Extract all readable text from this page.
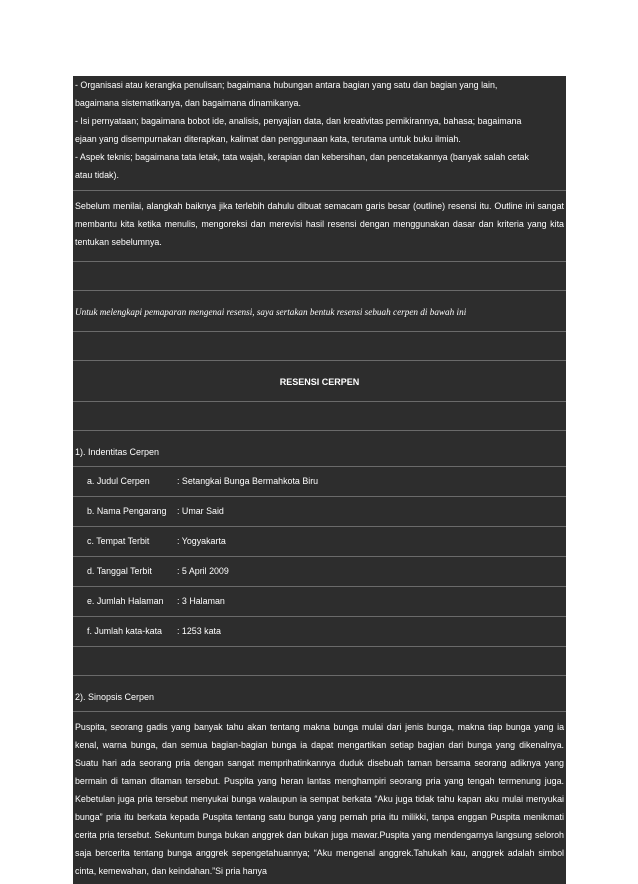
- Organisasi atau kerangka penulisan; bagaimana hubungan antara bagian yang satu dan bagian yang lain,
bagaimana sistematikanya, dan bagaimana dinamikanya.
- Isi pernyataan; bagaimana bobot ide, analisis, penyajian data, dan kreativitas pemikirannya, bahasa; bagaimana
ejaan yang disempurnakan diterapkan, kalimat dan penggunaan kata, terutama untuk buku ilmiah.
- Aspek teknis; bagaimana tata letak, tata wajah, kerapian dan kebersihan, dan pencetakannya (banyak salah cetak
atau tidak).
Sebelum menilai, alangkah baiknya jika terlebih dahulu dibuat semacam garis besar (outline) resensi itu. Outline ini sangat membantu kita ketika menulis, mengoreksi dan merevisi hasil resensi dengan menggunakan dasar dan kriteria yang kita tentukan sebelumnya.
Untuk melengkapi pemaparan mengenai resensi, saya sertakan bentuk resensi sebuah cerpen di bawah ini
RESENSI CERPEN
1). Indentitas Cerpen
a. Judul Cerpen	: Setangkai Bunga Bermahkota Biru
b. Nama Pengarang : Umar Said
c. Tempat Terbit	: Yogyakarta
d. Tanggal Terbit	: 5 April 2009
e. Jumlah Halaman : 3 Halaman
f. Jumlah kata-kata : 1253 kata
2). Sinopsis Cerpen
Puspita, seorang gadis yang banyak tahu akan tentang makna bunga mulai dari jenis bunga, makna tiap bunga yang ia kenal, warna bunga, dan semua bagian-bagian bunga ia dapat mengartikan setiap bagian dari bunga yang dikenalnya. Suatu hari ada seorang pria dengan sangat memprihatinkannya duduk disebuah taman bersama seorang adiknya yang bermain di taman ditaman tersebut. Puspita yang heran lantas menghampiri seorang pria yang tengah termenung juga. Kebetulan juga pria tersebut menyukai bunga walaupun ia sempat berkata “Aku juga tidak tahu kapan aku mulai menyukai bunga” pria itu berkata kepada Puspita tentang satu bunga yang pernah pria itu milikki, tanpa enggan Puspita menikmati cerita pria tersebut. Sekuntum bunga bukan anggrek dan bukan juga mawar.Puspita yang mendengarnya langsung seloroh saja bercerita tentang bunga anggrek sepengetahuannya; “Aku mengenal anggrek.Tahukah kau, anggrek adalah simbol cinta, kemewahan, dan keindahan.”Si pria hanya
